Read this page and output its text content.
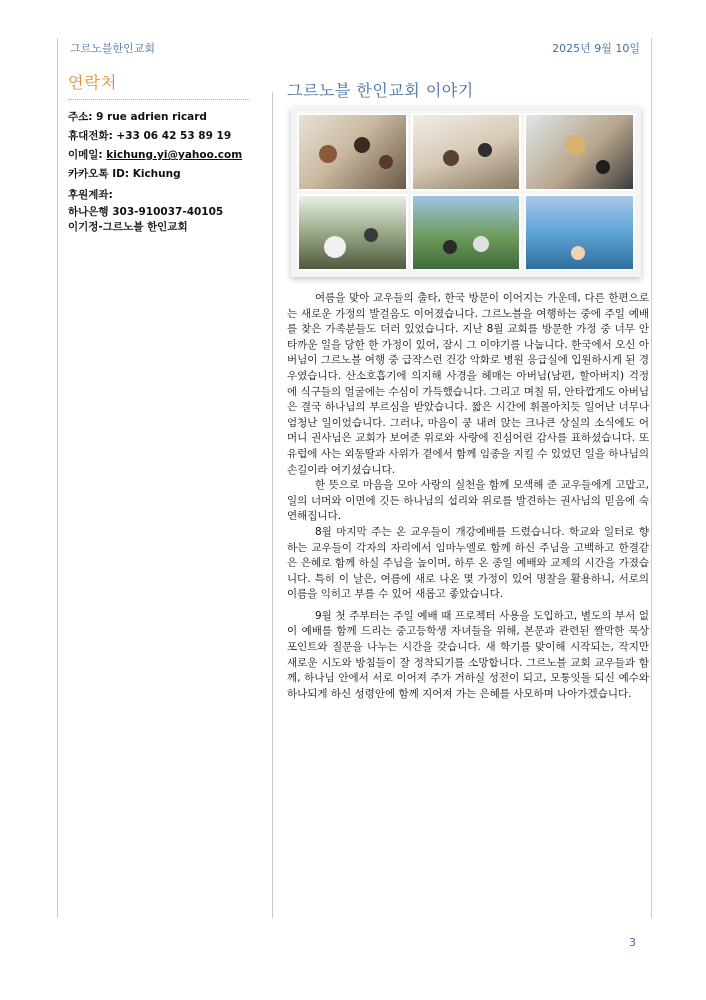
그르노블한인교회	2025년 9월 10일
연락처
주소: 9 rue adrien ricard
휴대전화: +33 06 42 53 89 19
이메일: kichung.yi@yahoo.com
카카오톡 ID: Kichung
후원계좌:
하나은행 303-910037-40105
이기정-그르노블 한인교회
그르노블 한인교회 이야기

여름을 맞아 교우들의 출타, 한국 방문이 이어지는 가운데, 다른 한편으로는 새로운 가정의 발걸음도 이어졌습니다. 그르노블을 여행하는 중에 주일 예배를 찾은 가족분들도 더러 있었습니다. 지난 8월 교회를 방문한 가정 중 너무 안타까운 일을 당한 한 가정이 있어, 잠시 그 이야기를 나눕니다. 한국에서 오신 아버님이 그르노블 여행 중 급작스런 건강 악화로 병원 응급실에 입원하시게 된 경우였습니다. 산소호흡기에 의지해 사경을 헤매는 아버님(남편, 할아버지) 걱정에 식구들의 얼굴에는 수심이 가득했습니다. 그리고 며칠 뒤, 안타깝게도 아버님은 결국 하나님의 부르심을 받았습니다. 짧은 시간에 휘몰아치듯 일어난 너무나 엄청난 일이었습니다. 그러나, 마음이 쿵 내려 앉는 크나큰 상실의 소식에도 어머니 권사님은 교회가 보여준 위로와 사랑에 진심어린 감사를 표하셨습니다. 또 유럽에 사는 외동딸과 사위가 곁에서 함께 임종을 지킬 수 있었던 일을 하나님의 손길이라 여기셨습니다.

한 뜻으로 마음을 모아 사랑의 실천을 함께 모색해 준 교우들에게 고맙고, 일의 너머와 이면에 깃든 하나님의 섭리와 위로를 발견하는 권사님의 믿음에 숙연해집니다.

8월 마지막 주는 온 교우들이 개강예배를 드렸습니다. 학교와 일터로 향하는 교우들이 각자의 자리에서 임마누엘로 함께 하신 주님을 고백하고 한결같은 은혜로 함께 하실 주님을 높이며, 하루 온 종일 예배와 교제의 시간을 가졌습니다. 특히 이 날은, 여름에 새로 나온 몇 가정이 있어 명찰을 활용하니, 서로의 이름을 익히고 부를 수 있어 새롭고 좋았습니다.

9월 첫 주부터는 주일 예배 때 프로젝터 사용을 도입하고, 별도의 부서 없이 예배를 함께 드리는 중고등학생 자녀들을 위해, 본문과 관련된 짤막한 묵상 포인트와 질문을 나누는 시간을 갖습니다. 새 학기를 맞이해 시작되는, 작지만 새로운 시도와 방침들이 잘 정착되기를 소망합니다. 그르노블 교회 교우들과 함께, 하나님 안에서 서로 이어져 주가 거하실 성전이 되고, 모퉁잇돌 되신 예수와 하나되게 하신 성령안에 함께 지어져 가는 은혜를 사모하며 나아가겠습니다.

3
